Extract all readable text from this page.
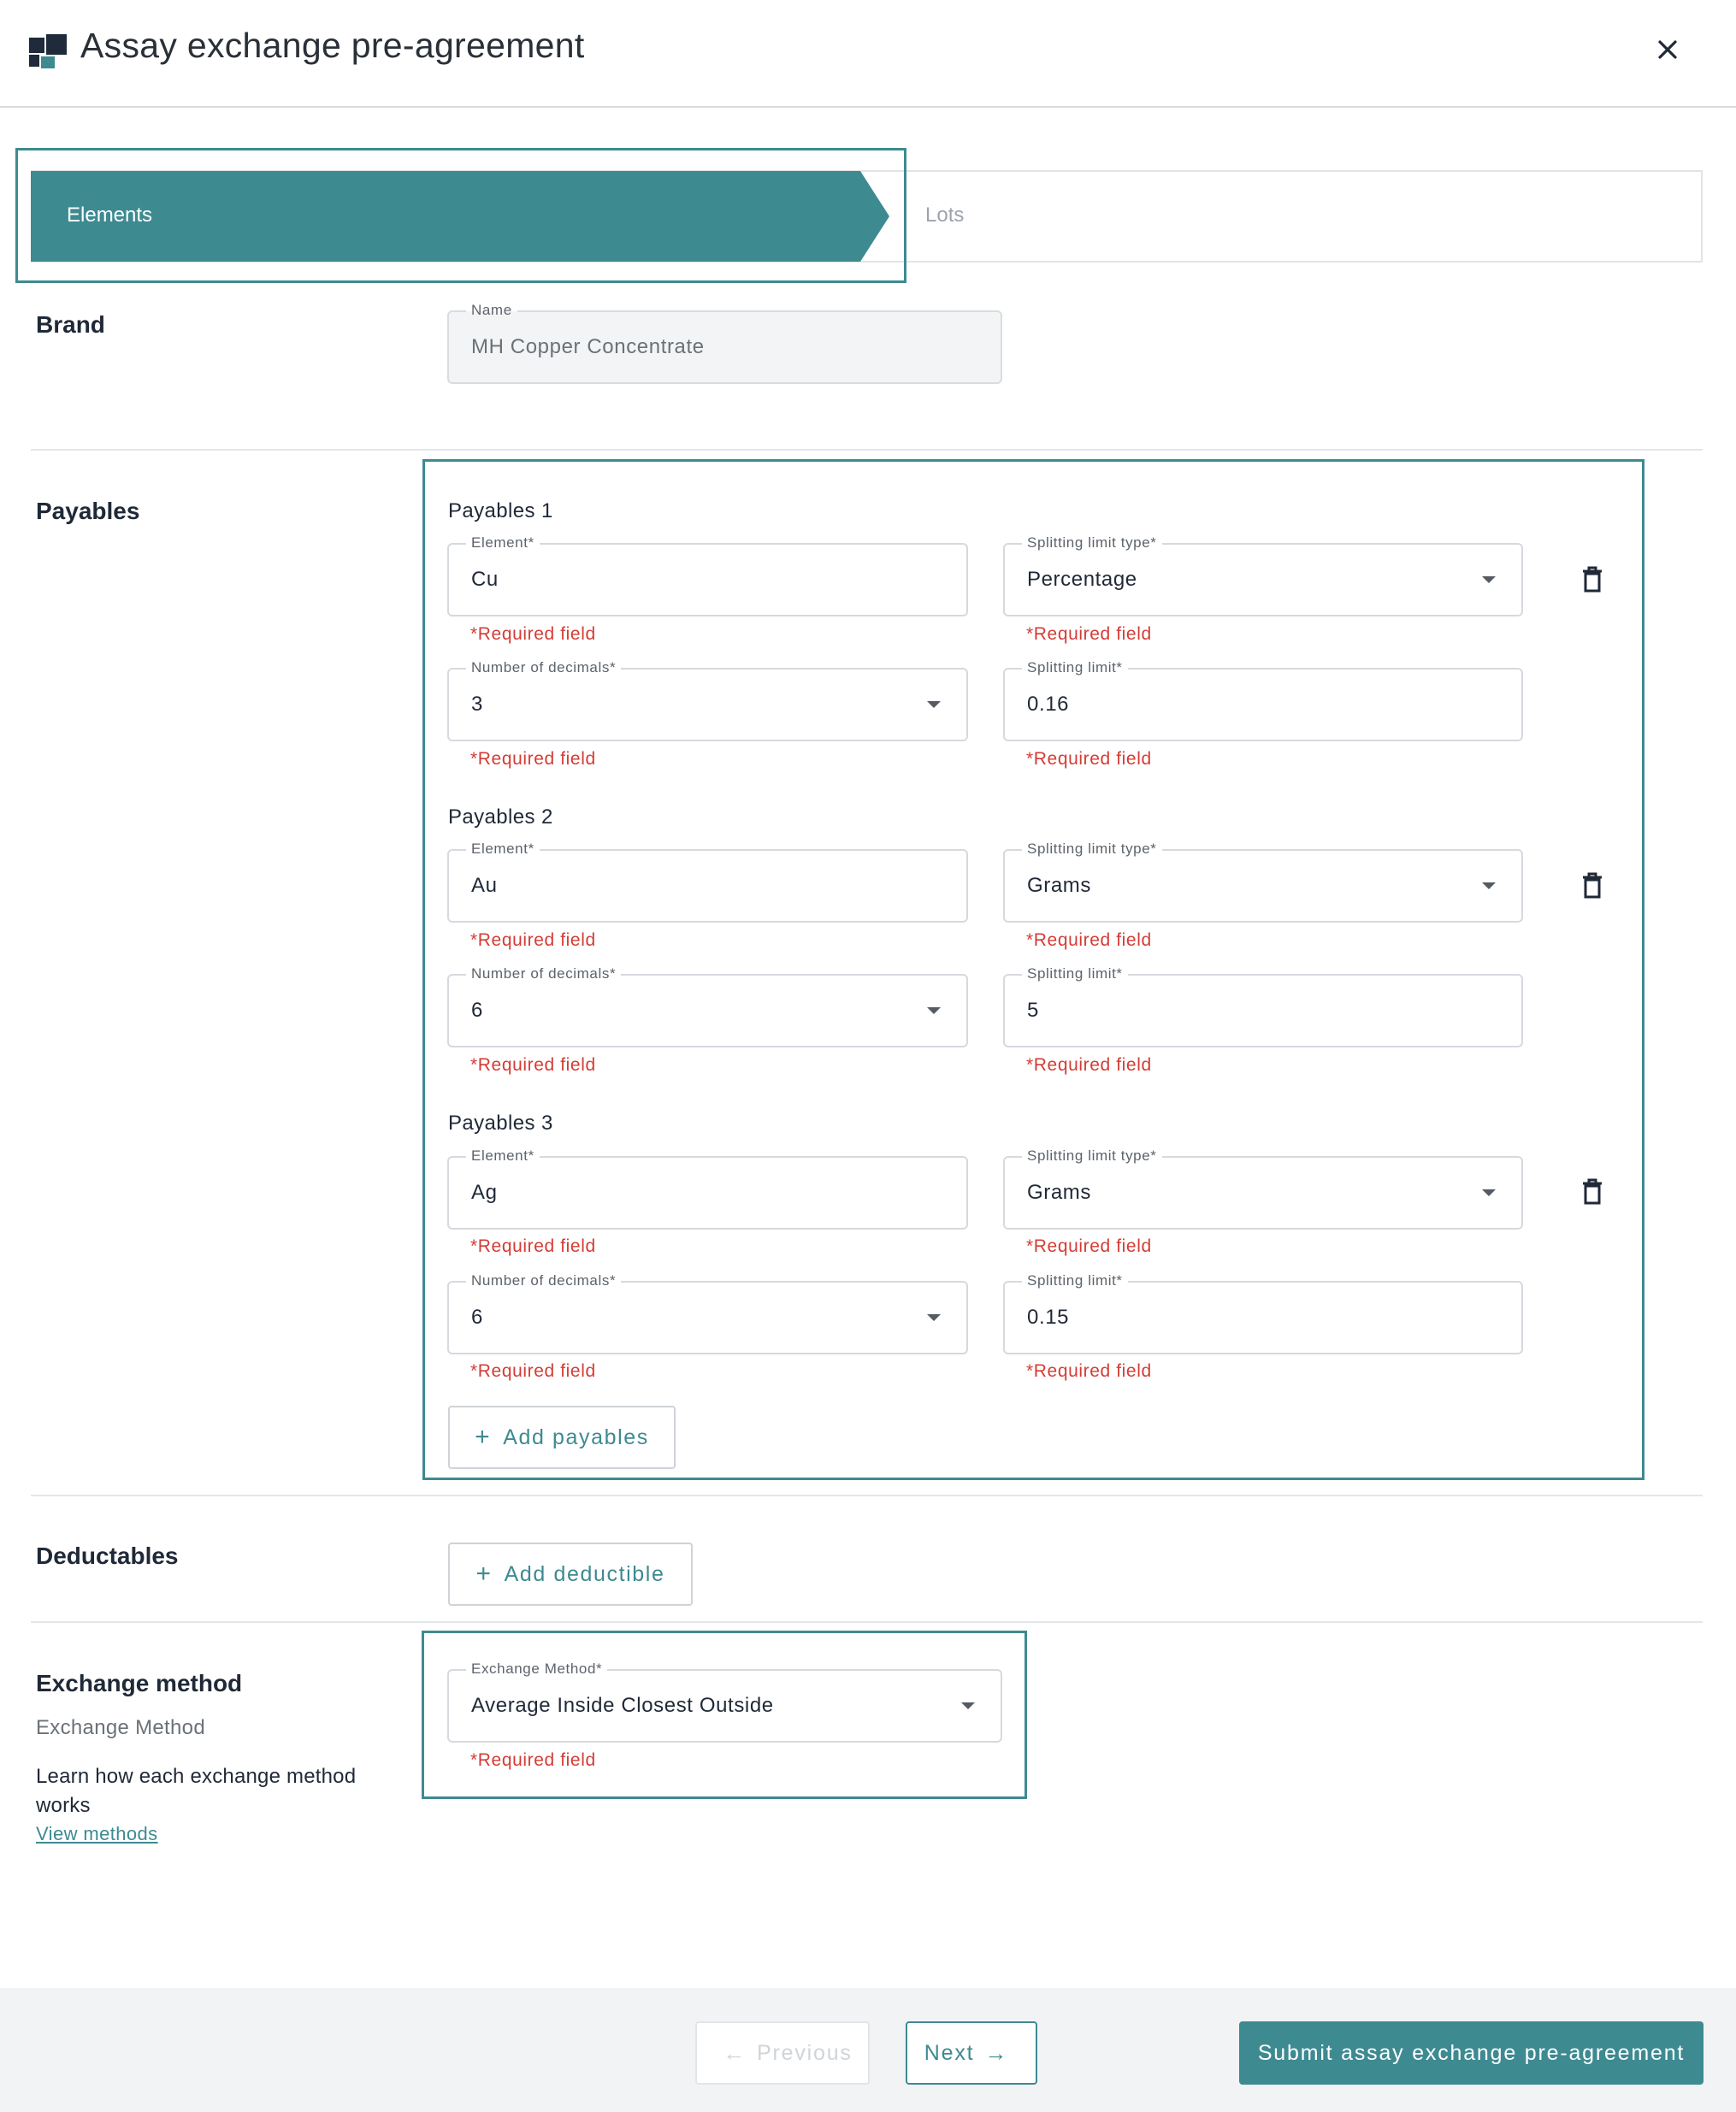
Assay exchange pre-agreement
Elements	Lots
Brand
Name
MH Copper Concentrate
Payables	Payables 1
Element*
Cu
Splitting limit type*
Percentage
*Required field	*Required field
Number of decimals*
3
Splitting limit*
0.16
*Required field	*Required field
Payables 2
Element*
Au
Splitting limit type*
Grams
*Required field	*Required field
Number of decimals*
6
Splitting limit*
5
*Required field	*Required field
Payables 3
Element*
Ag
Splitting limit type*
Grams
*Required field	*Required field
Number of decimals*
6
Splitting limit*
0.15
*Required field	*Required field
+ Add payables
Deductables
+ Add deductible
Exchange method
Exchange Method
Learn how each exchange method works
View methods
Exchange Method*
Average Inside Closest Outside
*Required field
← Previous	Next →	Submit assay exchange pre-agreement
